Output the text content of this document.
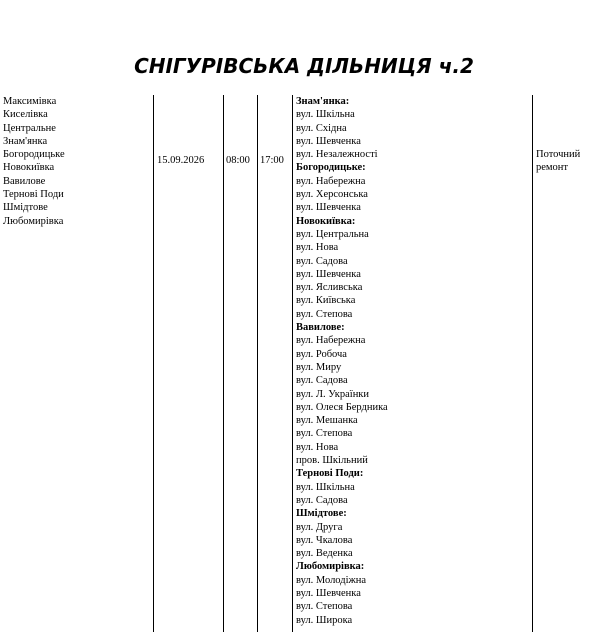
СНІГУРІВСЬКА ДІЛЬНИЦЯ ч.2
Максимівка
Киселівка
Центральне
Знам'янка
Богородицьке
Новокиївка
Вавилове
Тернові Поди
Шмідтове
Любомирівка
15.09.2026 08:00 17:00
Знам'янка:
вул. Шкільна
вул. Східна
вул. Шевченка
вул. Незалежності
Богородицьке:
вул. Набережна
вул. Херсонська
вул. Шевченка
Новокиївка:
вул. Центральна
вул. Нова
вул. Садова
вул. Шевченка
вул. Ясливська
вул. Київська
вул. Степова
Вавилове:
вул. Набережна
вул. Робоча
вул. Миру
вул. Садова
вул. Л. Українки
вул. Олеся Бердника
вул. Мешанка
вул. Степова
вул. Нова
пров. Шкільний
Тернові Поди:
вул. Шкільна
вул. Садова
Шмідтове:
вул. Друга
вул. Чкалова
вул. Веденка
Любомирівка:
вул. Молодіжна
вул. Шевченка
вул. Степова
вул. Широка
Поточний
ремонт
